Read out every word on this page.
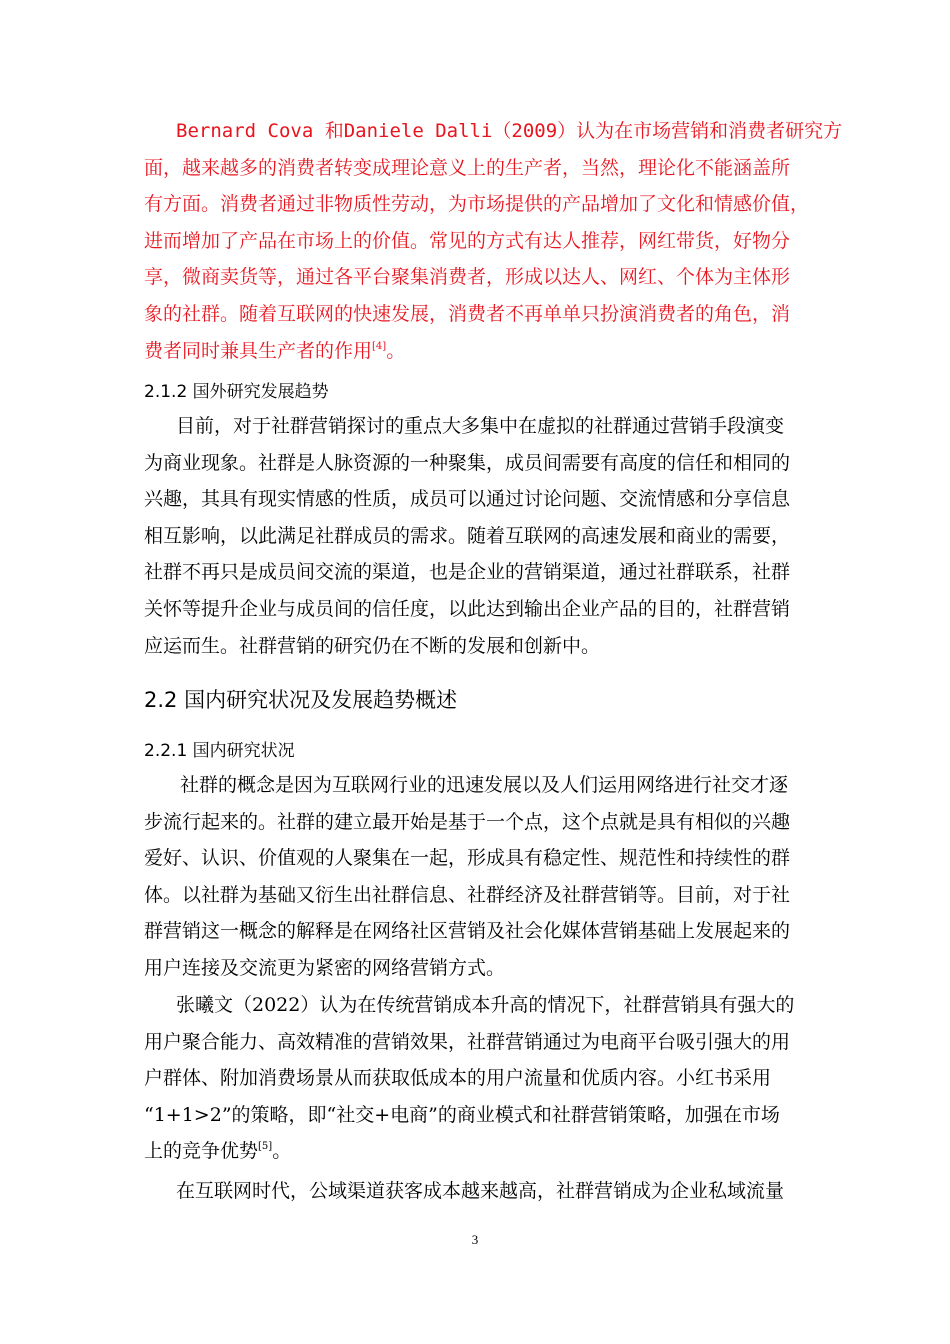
Bernard Cova 和Daniele Dalli（2009）认为在市场营销和消费者研究方
面，越来越多的消费者转变成理论意义上的生产者，当然，理论化不能涵盖所
有方面。消费者通过非物质性劳动，为市场提供的产品增加了文化和情感价值，
进而增加了产品在市场上的价值。常见的方式有达人推荐，网红带货，好物分
享，微商卖货等，通过各平台聚集消费者，形成以达人、网红、个体为主体形
象的社群。随着互联网的快速发展，消费者不再单单只扮演消费者的角色，消
费者同时兼具生产者的作用[4]。
2.1.2 国外研究发展趋势
目前，对于社群营销探讨的重点大多集中在虚拟的社群通过营销手段演变
为商业现象。社群是人脉资源的一种聚集，成员间需要有高度的信任和相同的
兴趣，其具有现实情感的性质，成员可以通过讨论问题、交流情感和分享信息
相互影响，以此满足社群成员的需求。随着互联网的高速发展和商业的需要，
社群不再只是成员间交流的渠道，也是企业的营销渠道，通过社群联系，社群
关怀等提升企业与成员间的信任度，以此达到输出企业产品的目的，社群营销
应运而生。社群营销的研究仍在不断的发展和创新中。
2.2 国内研究状况及发展趋势概述
2.2.1 国内研究状况
社群的概念是因为互联网行业的迅速发展以及人们运用网络进行社交才逐
步流行起来的。社群的建立最开始是基于一个点，这个点就是具有相似的兴趣
爱好、认识、价值观的人聚集在一起，形成具有稳定性、规范性和持续性的群
体。以社群为基础又衍生出社群信息、社群经济及社群营销等。目前，对于社
群营销这一概念的解释是在网络社区营销及社会化媒体营销基础上发展起来的
用户连接及交流更为紧密的网络营销方式。
张曦文（2022）认为在传统营销成本升高的情况下，社群营销具有强大的
用户聚合能力、高效精准的营销效果，社群营销通过为电商平台吸引强大的用
户群体、附加消费场景从而获取低成本的用户流量和优质内容。小红书采用
“1+1>2”的策略，即“社交+电商”的商业模式和社群营销策略，加强在市场
上的竞争优势[5]。
在互联网时代，公域渠道获客成本越来越高，社群营销成为企业私域流量
3
